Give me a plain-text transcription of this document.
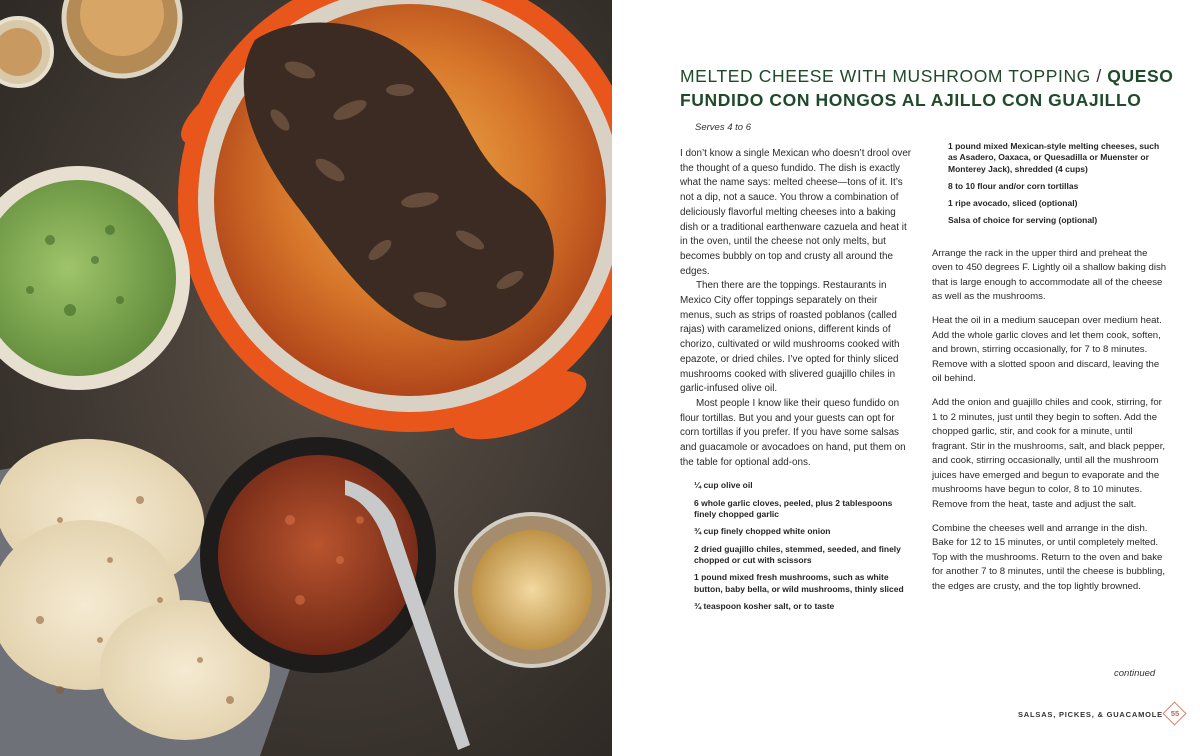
MELTED CHEESE WITH MUSHROOM TOPPING / QUESO FUNDIDO CON HONGOS AL AJILLO CON GUAJILLO
Serves 4 to 6

I don’t know a single Mexican who doesn’t drool over the thought of a queso fundido. The dish is exactly what the name says: melted cheese—tons of it. It’s not a dip, not a sauce. You throw a combination of deliciously flavorful melting cheeses into a baking dish or a traditional earthenware cazuela and heat it in the oven, until the cheese not only melts, but becomes bubbly on top and crusty all around the edges.

Then there are the toppings. Restaurants in Mexico City offer toppings separately on their menus, such as strips of roasted poblanos (called rajas) with caramelized onions, different kinds of chorizo, cultivated or wild mushrooms cooked with epazote, or dried chiles. I’ve opted for thinly sliced mushrooms cooked with slivered guajillo chiles in garlic-infused olive oil.

Most people I know like their queso fundido on flour tortillas. But you and your guests can opt for corn tortillas if you prefer. If you have some salsas and guacamole or avocadoes on hand, put them on the table for optional add-ons.

¼ cup olive oil
6 whole garlic cloves, peeled, plus 2 tablespoons finely chopped garlic
¾ cup finely chopped white onion
2 dried guajillo chiles, stemmed, seeded, and finely chopped or cut with scissors
1 pound mixed fresh mushrooms, such as white button, baby bella, or wild mushrooms, thinly sliced
¾ teaspoon kosher salt, or to taste
1 pound mixed Mexican-style melting cheeses, such as Asadero, Oaxaca, or Quesadilla or Muenster or Monterey Jack), shredded (4 cups)
8 to 10 flour and/or corn tortillas
1 ripe avocado, sliced (optional)
Salsa of choice for serving (optional)

Arrange the rack in the upper third and preheat the oven to 450 degrees F. Lightly oil a shallow baking dish that is large enough to accommodate all of the cheese as well as the mushrooms.

Heat the oil in a medium saucepan over medium heat. Add the whole garlic cloves and let them cook, soften, and brown, stirring occasionally, for 7 to 8 minutes. Remove with a slotted spoon and discard, leaving the oil behind.

Add the onion and guajillo chiles and cook, stirring, for 1 to 2 minutes, just until they begin to soften. Add the chopped garlic, stir, and cook for a minute, until fragrant. Stir in the mushrooms, salt, and black pepper, and cook, stirring occasionally, until all the mushroom juices have emerged and begun to evaporate and the mushrooms have begun to color, 8 to 10 minutes. Remove from the heat, taste and adjust the salt.

Combine the cheeses well and arrange in the dish. Bake for 12 to 15 minutes, or until completely melted. Top with the mushrooms. Return to the oven and bake for another 7 to 8 minutes, until the cheese is bubbling, the edges are crusty, and the top lightly browned.

continued
SALSAS, PICKES, & GUACAMOLE	55
